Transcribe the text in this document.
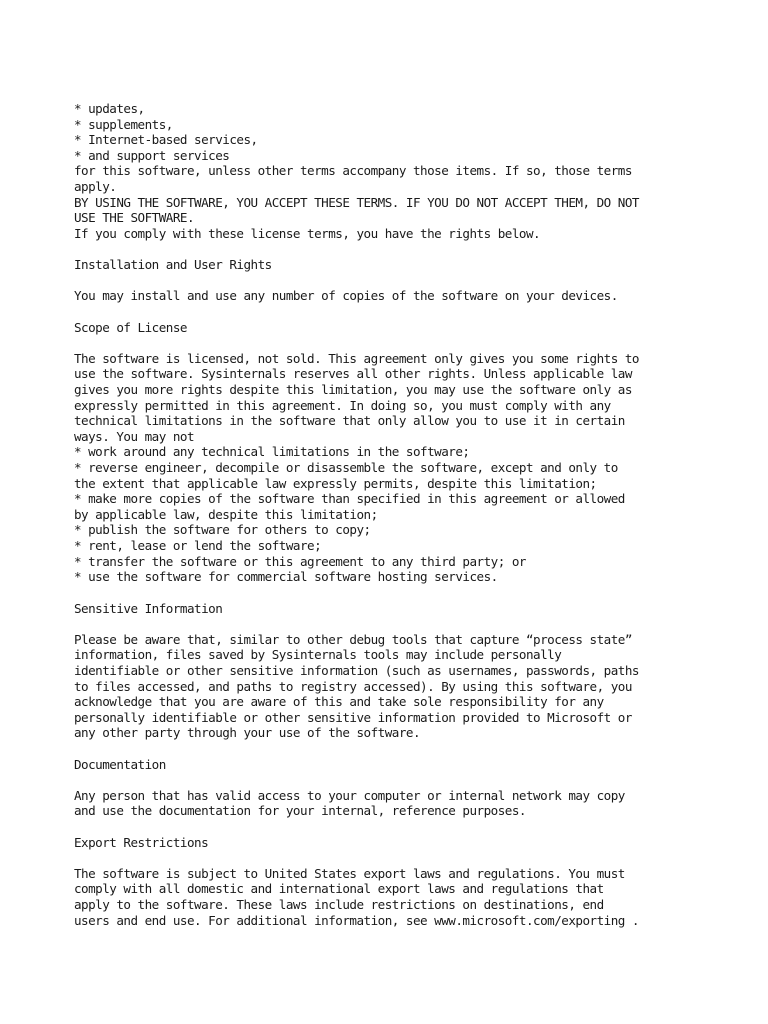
* updates,
* supplements,
* Internet-based services,
* and support services
for this software, unless other terms accompany those items. If so, those terms
apply.
BY USING THE SOFTWARE, YOU ACCEPT THESE TERMS. IF YOU DO NOT ACCEPT THEM, DO NOT
USE THE SOFTWARE.
If you comply with these license terms, you have the rights below.
Installation and User Rights
You may install and use any number of copies of the software on your devices.
Scope of License
The software is licensed, not sold. This agreement only gives you some rights to
use the software. Sysinternals reserves all other rights. Unless applicable law
gives you more rights despite this limitation, you may use the software only as
expressly permitted in this agreement. In doing so, you must comply with any
technical limitations in the software that only allow you to use it in certain
ways. You may not
* work around any technical limitations in the software;
* reverse engineer, decompile or disassemble the software, except and only to
the extent that applicable law expressly permits, despite this limitation;
* make more copies of the software than specified in this agreement or allowed
by applicable law, despite this limitation;
* publish the software for others to copy;
* rent, lease or lend the software;
* transfer the software or this agreement to any third party; or
* use the software for commercial software hosting services.
Sensitive Information
Please be aware that, similar to other debug tools that capture “process state”
information, files saved by Sysinternals tools may include personally
identifiable or other sensitive information (such as usernames, passwords, paths
to files accessed, and paths to registry accessed). By using this software, you
acknowledge that you are aware of this and take sole responsibility for any
personally identifiable or other sensitive information provided to Microsoft or
any other party through your use of the software.
Documentation
Any person that has valid access to your computer or internal network may copy
and use the documentation for your internal, reference purposes.
Export Restrictions
The software is subject to United States export laws and regulations. You must
comply with all domestic and international export laws and regulations that
apply to the software. These laws include restrictions on destinations, end
users and end use. For additional information, see www.microsoft.com/exporting .
